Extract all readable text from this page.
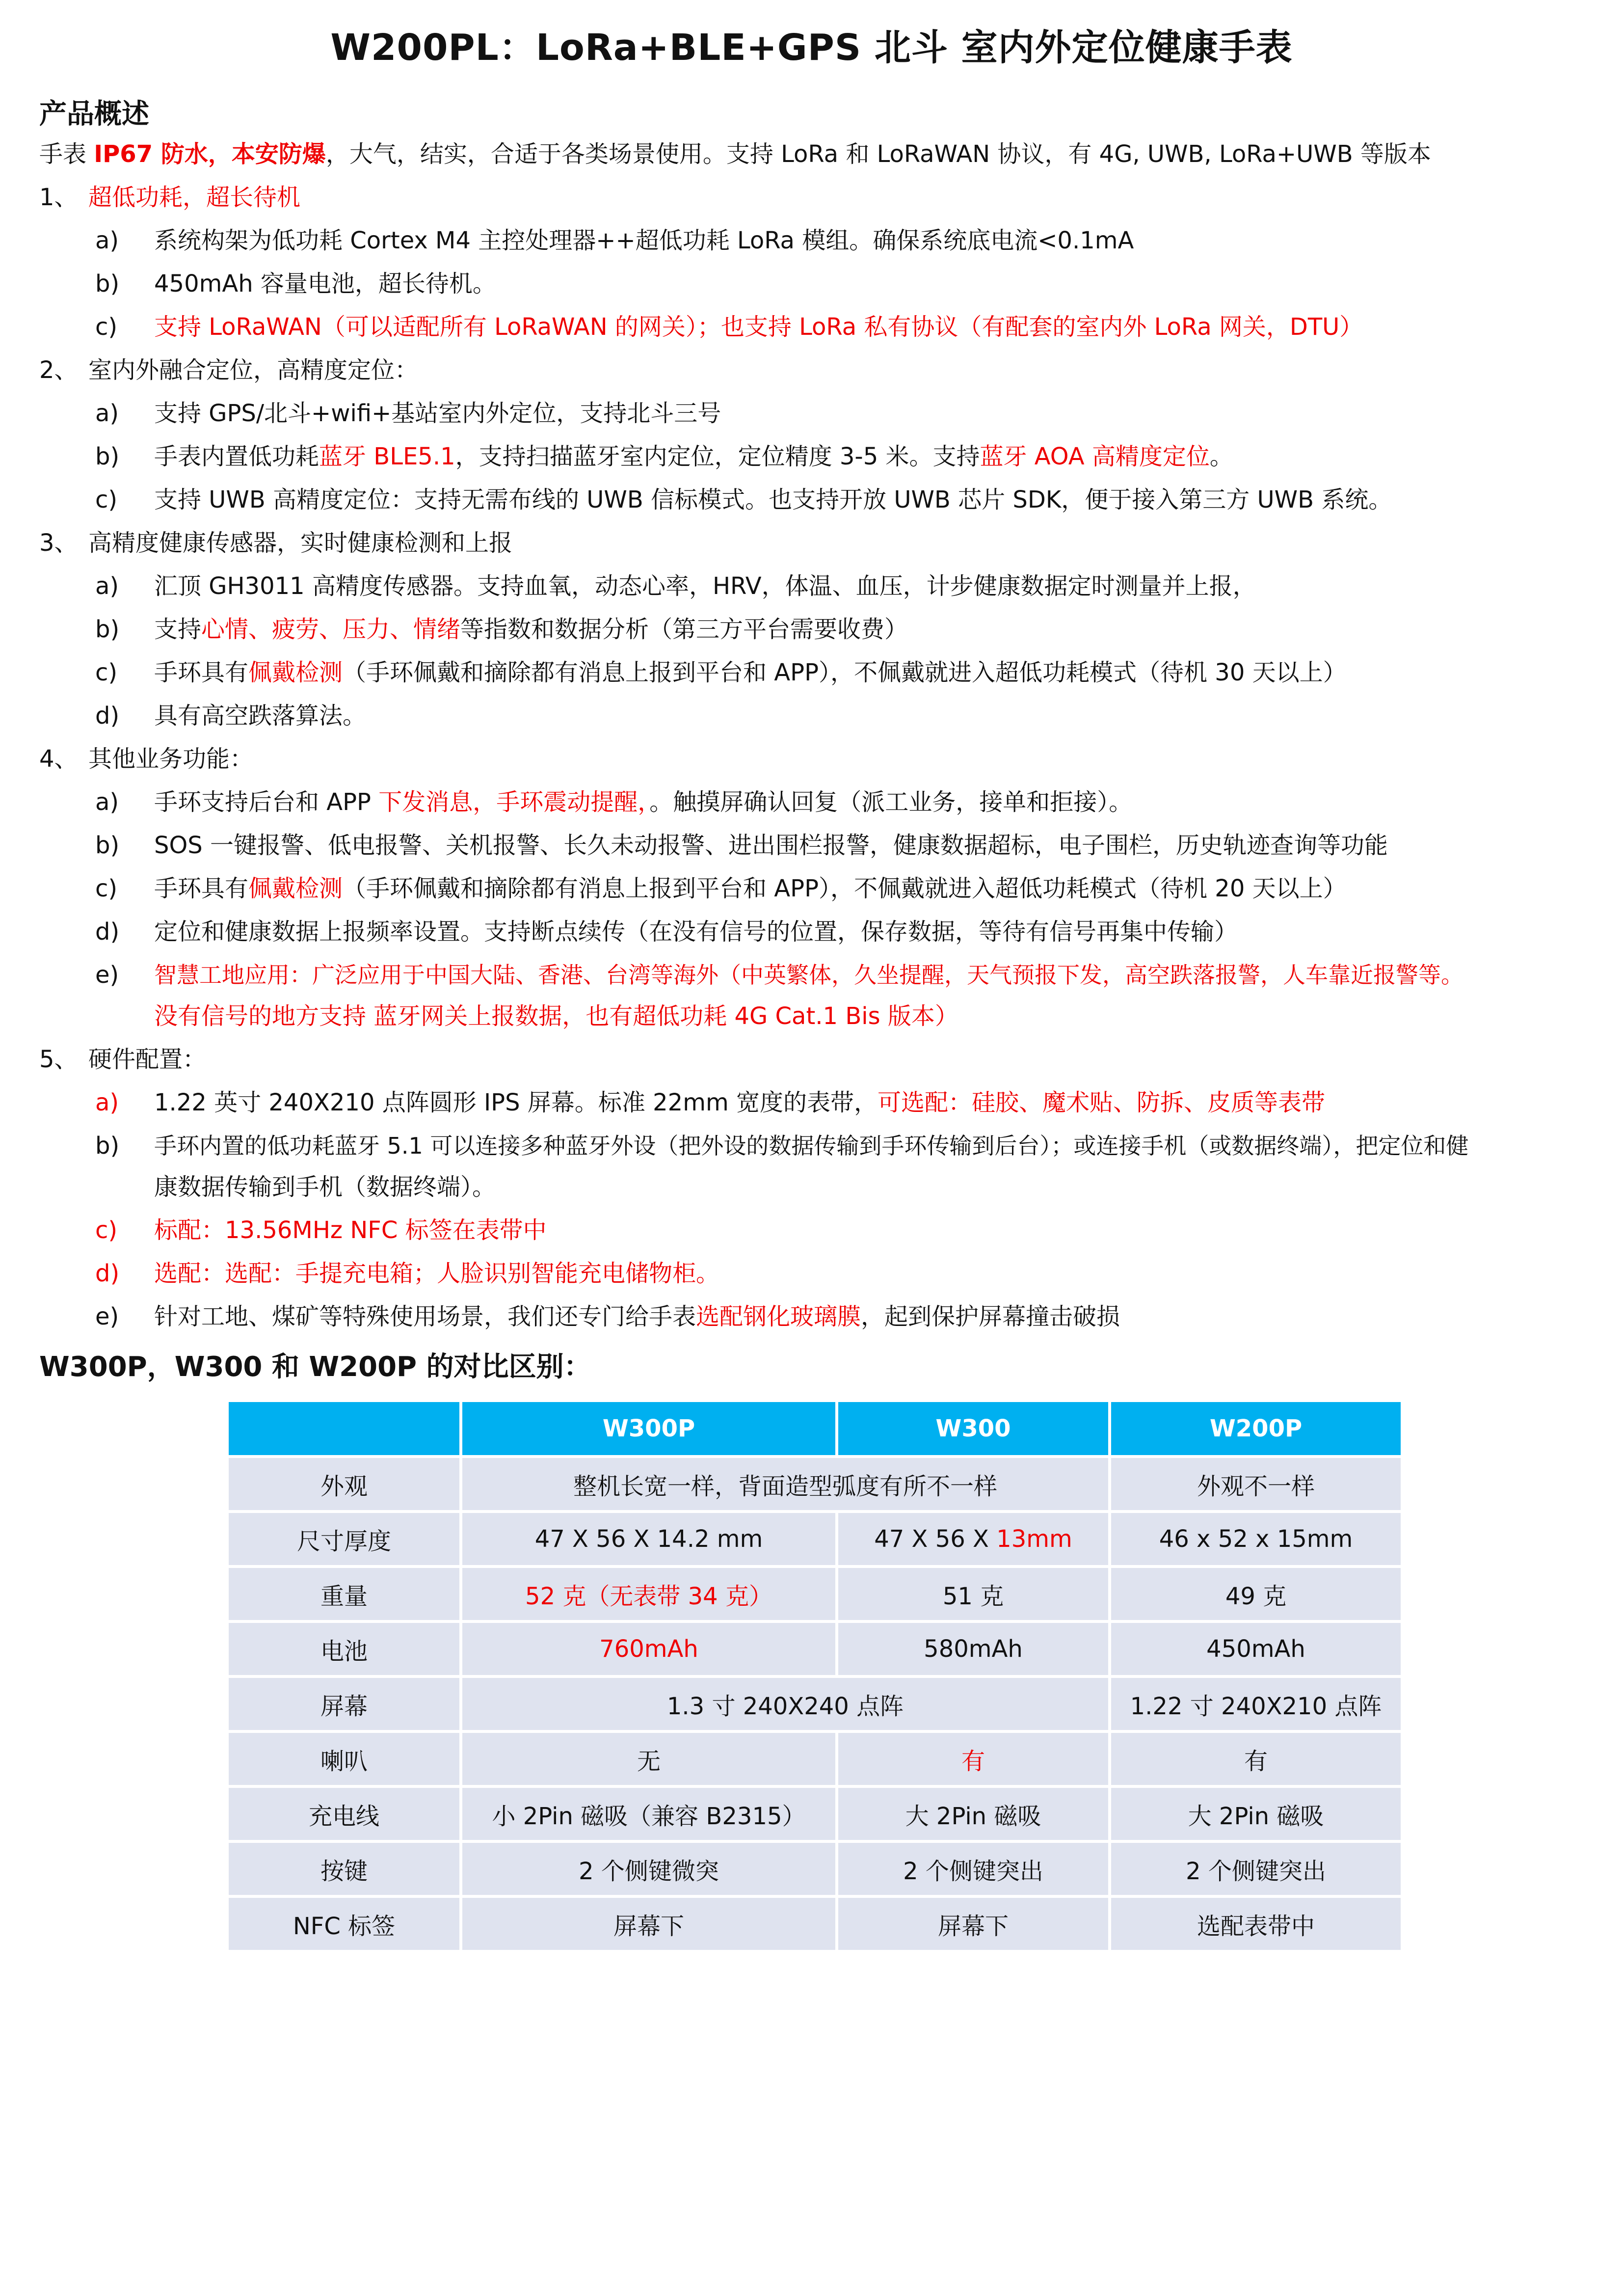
W200PL：LoRa+BLE+GPS 北斗 室内外定位健康手表
产品概述
手表 IP67 防水，本安防爆，大气，结实，合适于各类场景使用。支持 LoRa 和 LoRaWAN 协议，有 4G, UWB, LoRa+UWB 等版本
1、 超低功耗，超长待机
a) 系统构架为低功耗 Cortex M4 主控处理器++超低功耗 LoRa 模组。确保系统底电流<0.1mA
b) 450mAh 容量电池，超长待机。
c) 支持 LoRaWAN（可以适配所有 LoRaWAN 的网关）；也支持 LoRa 私有协议（有配套的室内外 LoRa 网关，DTU）
2、 室内外融合定位，高精度定位：
a) 支持 GPS/北斗+wifi+基站室内外定位，支持北斗三号
b) 手表内置低功耗蓝牙 BLE5.1，支持扫描蓝牙室内定位，定位精度 3-5 米。支持蓝牙 AOA 高精度定位。
c) 支持 UWB 高精度定位：支持无需布线的 UWB 信标模式。也支持开放 UWB 芯片 SDK，便于接入第三方 UWB 系统。
3、 高精度健康传感器，实时健康检测和上报
a) 汇顶 GH3011 高精度传感器。支持血氧，动态心率，HRV，体温、血压，计步健康数据定时测量并上报，
b) 支持心情、疲劳、压力、情绪等指数和数据分析（第三方平台需要收费）
c) 手环具有佩戴检测（手环佩戴和摘除都有消息上报到平台和 APP），不佩戴就进入超低功耗模式（待机 30 天以上）
d) 具有高空跌落算法。
4、 其他业务功能：
a) 手环支持后台和 APP 下发消息，手环震动提醒，。触摸屏确认回复（派工业务，接单和拒接）。
b) SOS 一键报警、低电报警、关机报警、长久未动报警、进出围栏报警，健康数据超标，电子围栏，历史轨迹查询等功能
c) 手环具有佩戴检测（手环佩戴和摘除都有消息上报到平台和 APP），不佩戴就进入超低功耗模式（待机 20 天以上）
d) 定位和健康数据上报频率设置。支持断点续传（在没有信号的位置，保存数据，等待有信号再集中传输）
e) 智慧工地应用：广泛应用于中国大陆、香港、台湾等海外（中英繁体，久坐提醒，天气预报下发，高空跌落报警，人车靠近报警等。
没有信号的地方支持 蓝牙网关上报数据，也有超低功耗 4G Cat.1 Bis 版本）
5、 硬件配置：
a) 1.22 英寸 240X210 点阵圆形 IPS 屏幕。标准 22mm 宽度的表带，可选配：硅胶、魔术贴、防拆、皮质等表带
b) 手环内置的低功耗蓝牙 5.1 可以连接多种蓝牙外设（把外设的数据传输到手环传输到后台）；或连接手机（或数据终端），把定位和健
康数据传输到手机（数据终端）。
c) 标配：13.56MHz NFC 标签在表带中
d) 选配：选配：手提充电箱；人脸识别智能充电储物柜。
e) 针对工地、煤矿等特殊使用场景，我们还专门给手表选配钢化玻璃膜，起到保护屏幕撞击破损
W300P，W300 和 W200P 的对比区别：
	W300P	W300	W200P
外观	整机长宽一样，背面造型弧度有所不一样		外观不一样
尺寸厚度	47 X 56 X 14.2 mm	47 X 56 X 13mm	46 x 52 x 15mm
重量	52 克（无表带 34 克）	51 克	49 克
电池	760mAh	580mAh	450mAh
屏幕	1.3 寸 240X240 点阵		1.22 寸 240X210 点阵
喇叭	无	有	有
充电线	小 2Pin 磁吸（兼容 B2315）	大 2Pin 磁吸	大 2Pin 磁吸
按键	2 个侧键微突	2 个侧键突出	2 个侧键突出
NFC 标签	屏幕下	屏幕下	选配表带中
